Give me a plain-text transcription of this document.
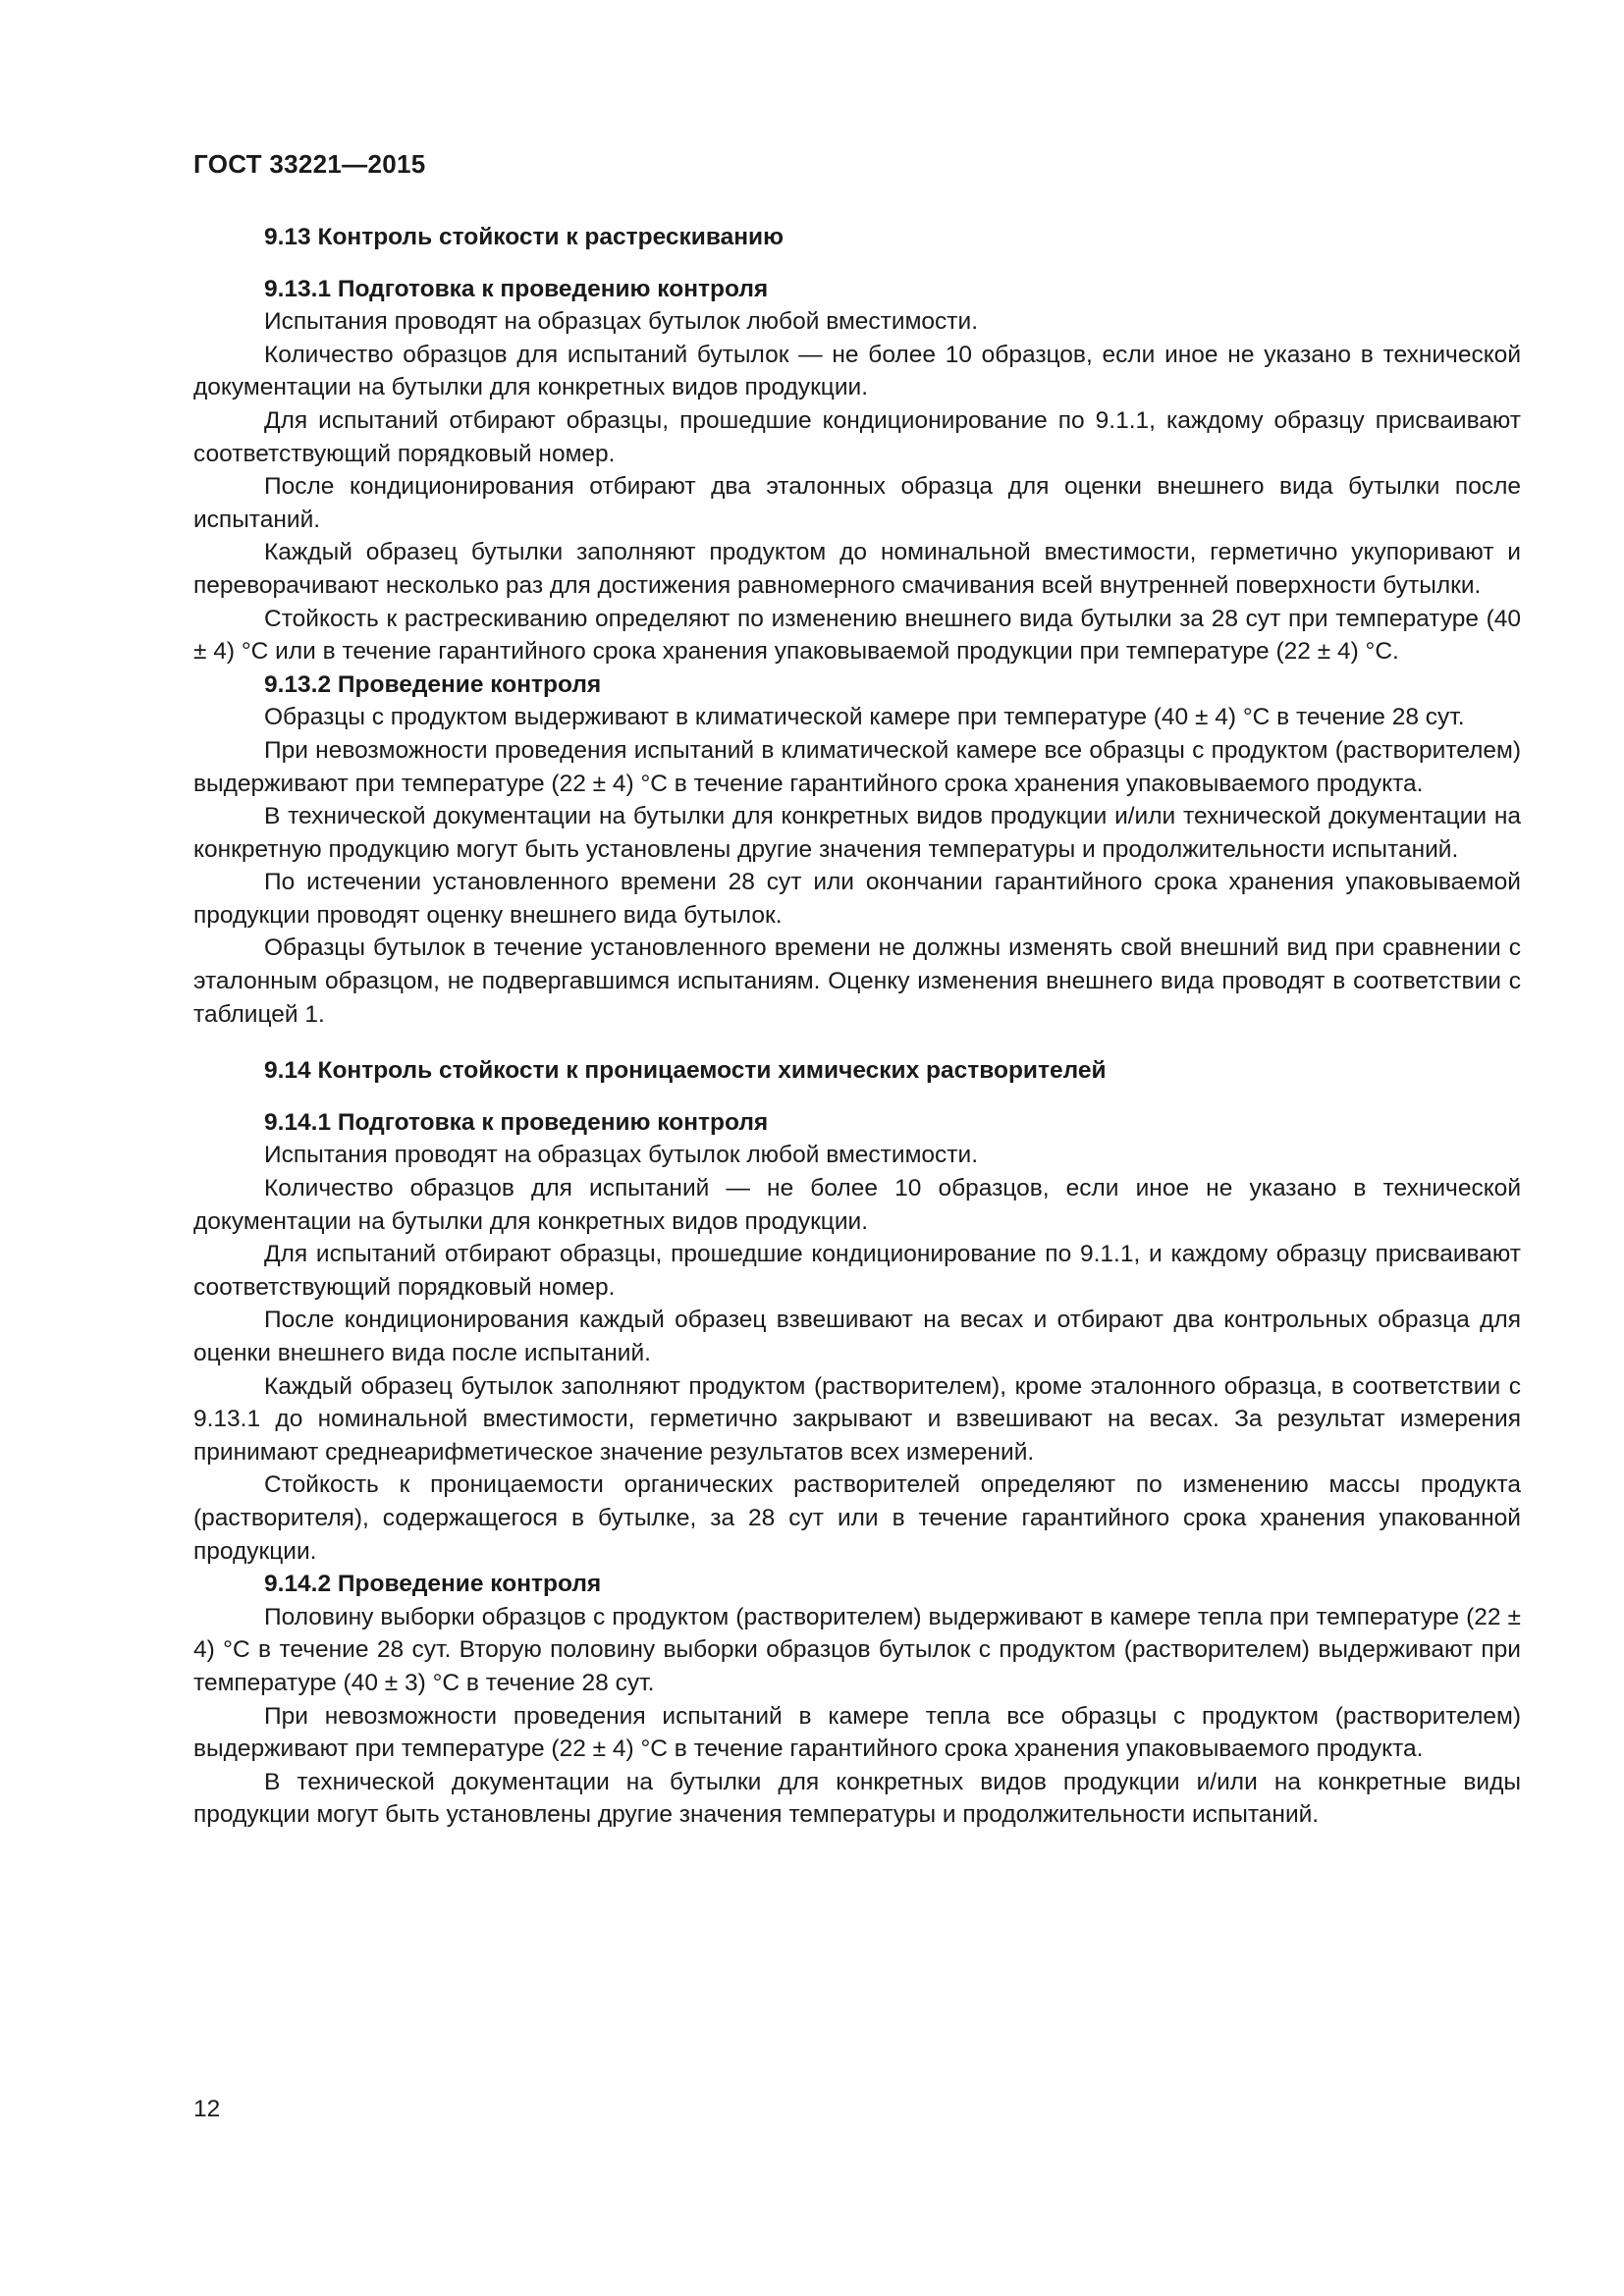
ГОСТ 33221—2015
9.13 Контроль стойкости к растрескиванию
9.13.1 Подготовка к проведению контроля

Испытания проводят на образцах бутылок любой вместимости.

Количество образцов для испытаний бутылок — не более 10 образцов, если иное не указано в технической документации на бутылки для конкретных видов продукции.

Для испытаний отбирают образцы, прошедшие кондиционирование по 9.1.1, каждому образцу присваивают соответствующий порядковый номер.

После кондиционирования отбирают два эталонных образца для оценки внешнего вида бутылки после испытаний.

Каждый образец бутылки заполняют продуктом до номинальной вместимости, герметично укупоривают и переворачивают несколько раз для достижения равномерного смачивания всей внутренней поверхности бутылки.

Стойкость к растрескиванию определяют по изменению внешнего вида бутылки за 28 сут при температуре (40 ± 4) °С или в течение гарантийного срока хранения упаковываемой продукции при температуре (22 ± 4) °С.

9.13.2 Проведение контроля

Образцы с продуктом выдерживают в климатической камере при температуре (40 ± 4) °С в течение 28 сут.

При невозможности проведения испытаний в климатической камере все образцы с продуктом (растворителем) выдерживают при температуре (22 ± 4) °С в течение гарантийного срока хранения упаковываемого продукта.

В технической документации на бутылки для конкретных видов продукции и/или технической документации на конкретную продукцию могут быть установлены другие значения температуры и продолжительности испытаний.

По истечении установленного времени 28 сут или окончании гарантийного срока хранения упаковываемой продукции проводят оценку внешнего вида бутылок.

Образцы бутылок в течение установленного времени не должны изменять свой внешний вид при сравнении с эталонным образцом, не подвергавшимся испытаниям. Оценку изменения внешнего вида проводят в соответствии с таблицей 1.

9.14 Контроль стойкости к проницаемости химических растворителей
9.14.1 Подготовка к проведению контроля

Испытания проводят на образцах бутылок любой вместимости.

Количество образцов для испытаний — не более 10 образцов, если иное не указано в технической документации на бутылки для конкретных видов продукции.

Для испытаний отбирают образцы, прошедшие кондиционирование по 9.1.1, и каждому образцу присваивают соответствующий порядковый номер.

После кондиционирования каждый образец взвешивают на весах и отбирают два контрольных образца для оценки внешнего вида после испытаний.

Каждый образец бутылок заполняют продуктом (растворителем), кроме эталонного образца, в соответствии с 9.13.1 до номинальной вместимости, герметично закрывают и взвешивают на весах. За результат измерения принимают среднеарифметическое значение результатов всех измерений.

Стойкость к проницаемости органических растворителей определяют по изменению массы продукта (растворителя), содержащегося в бутылке, за 28 сут или в течение гарантийного срока хранения упакованной продукции.

9.14.2 Проведение контроля

Половину выборки образцов с продуктом (растворителем) выдерживают в камере тепла при температуре (22 ± 4) °С в течение 28 сут. Вторую половину выборки образцов бутылок с продуктом (растворителем) выдерживают при температуре (40 ± 3) °С в течение 28 сут.

При невозможности проведения испытаний в камере тепла все образцы с продуктом (растворителем) выдерживают при температуре (22 ± 4) °С в течение гарантийного срока хранения упаковываемого продукта.

В технической документации на бутылки для конкретных видов продукции и/или на конкретные виды продукции могут быть установлены другие значения температуры и продолжительности испытаний.

12
